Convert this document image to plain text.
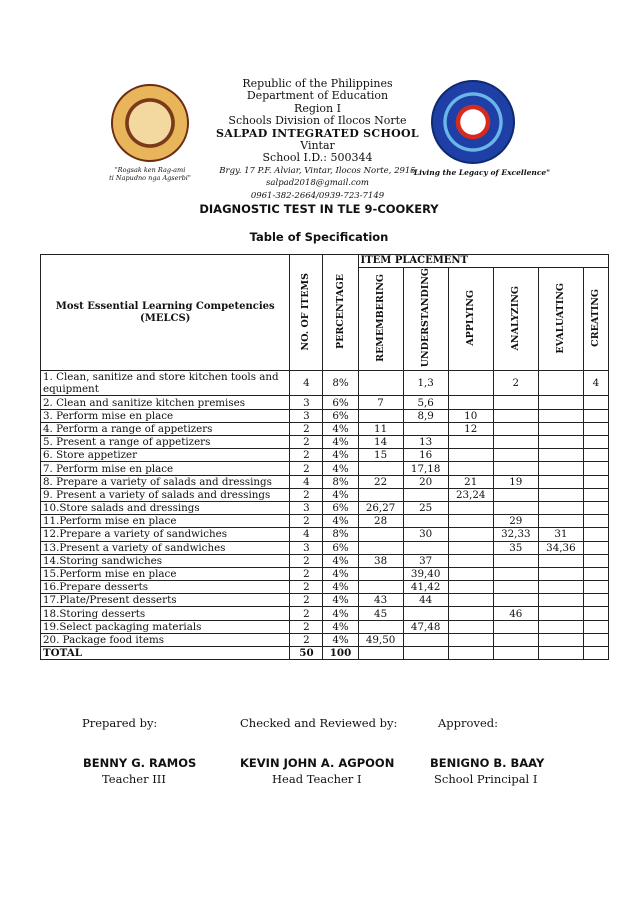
"Rogsak ken Rag-ami
ti Napudno nga Agserbi"
Republic of the Philippines
Department of Education
Region I
Schools Division of Ilocos Norte
SALPAD INTEGRATED SCHOOL
Vintar
School I.D.: 500344
Brgy. 17 P.F. Alviar, Vintar, Ilocos Norte, 2915
salpad2018@gmail.com
0961-382-2664/0939-723-7149
"Living the Legacy of Excellence"
DIAGNOSTIC TEST IN TLE 9-COOKERY
Table of Specification
Most Essential Learning Competencies (MELCS)	NO. OF ITEMS	PERCENTAGE	ITEM PLACEMENT					
			REMEMBERING	UNDERSTANDING	APPLYING	ANALYZING	EVALUATING	CREATING
1. Clean, sanitize and store kitchen tools and equipment	4	8%		1,3		2		4
2. Clean and sanitize kitchen premises	3	6%	7	5,6				
3. Perform mise en place	3	6%		8,9	10			
4. Perform a range of appetizers	2	4%	11		12			
5. Present a range of appetizers	2	4%	14	13				
6. Store appetizer	2	4%	15	16				
7. Perform mise en place	2	4%		17,18				
8. Prepare a variety of salads and dressings	4	8%	22	20	21	19		
9. Present a variety of salads and dressings	2	4%			23,24			
10.Store salads and dressings	3	6%	26,27	25				
11.Perform mise en place	2	4%	28			29		
12.Prepare a variety of sandwiches	4	8%		30		32,33	31	
13.Present a variety of sandwiches	3	6%				35	34,36	
14.Storing sandwiches	2	4%	38	37				
15.Perform mise en place	2	4%		39,40				
16.Prepare desserts	2	4%		41,42				
17.Plate/Present desserts	2	4%	43	44				
18.Storing desserts	2	4%	45			46		
19.Select packaging materials	2	4%		47,48				
20. Package food items	2	4%	49,50					
TOTAL	50	100						
Prepared by:	Checked and Reviewed by:	Approved:
BENNY G. RAMOS
Teacher III
KEVIN JOHN A. AGPOON
Head Teacher I
BENIGNO B. BAAY
School Principal I
